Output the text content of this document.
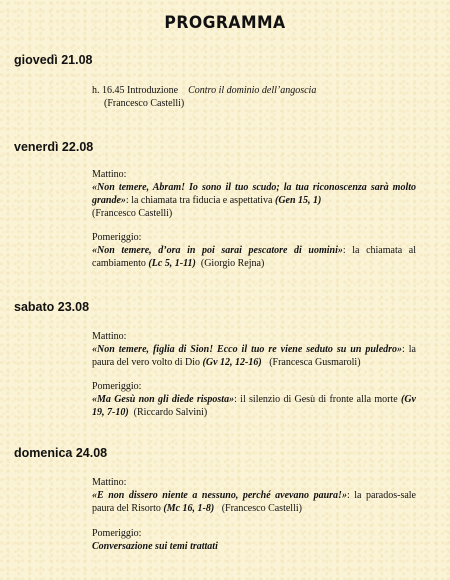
PROGRAMMA
giovedì 21.08

h. 16.45 Introduzione Contro il dominio dell’angoscia

(Francesco Castelli)

venerdì 22.08

Mattino:

«Non temere, Abram! Io sono il tuo scudo; la tua riconoscenza sarà molto grande»: la chiamata tra fiducia e aspettativa (Gen 15, 1)

(Francesco Castelli)

Pomeriggio:

«Non temere, d’ora in poi sarai pescatore di uomini»: la chiamata al cambiamento (Lc 5, 1-11) (Giorgio Rejna)

sabato 23.08

Mattino:

«Non temere, figlia di Sion! Ecco il tuo re viene seduto su un puledro»: la paura del vero volto di Dio (Gv 12, 12-16) (Francesca Gusmaroli)

Pomeriggio:

«Ma Gesù non gli diede risposta»: il silenzio di Gesù di fronte alla morte (Gv 19, 7-10) (Riccardo Salvini)

domenica 24.08

Mattino:

«E non dissero niente a nessuno, perché avevano paura!»: la parados-sale paura del Risorto (Mc 16, 1-8) (Francesco Castelli)

Pomeriggio:

Conversazione sui temi trattati
